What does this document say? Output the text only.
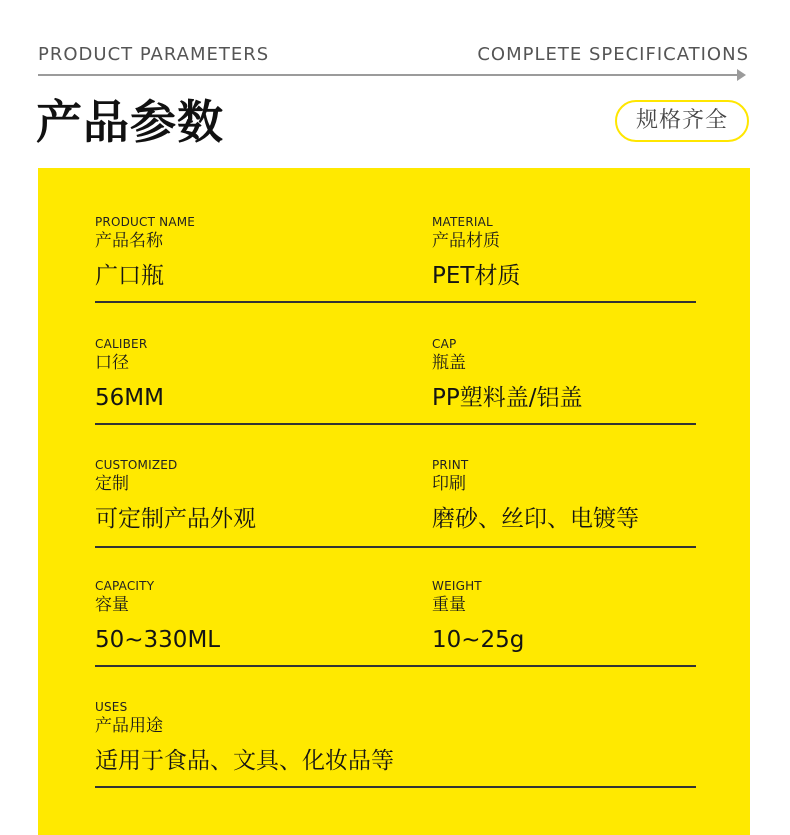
PRODUCT PARAMETERS	COMPLETE SPECIFICATIONS
产品参数	规格齐全
PRODUCT NAME
产品名称
广口瓶
MATERIAL
产品材质
PET材质
CALIBER
口径
56MM
CAP
瓶盖
PP塑料盖/铝盖
CUSTOMIZED
定制
可定制产品外观
PRINT
印刷
磨砂、丝印、电镀等
CAPACITY
容量
50~330ML
WEIGHT
重量
10~25g
USES
产品用途
适用于食品、文具、化妆品等
